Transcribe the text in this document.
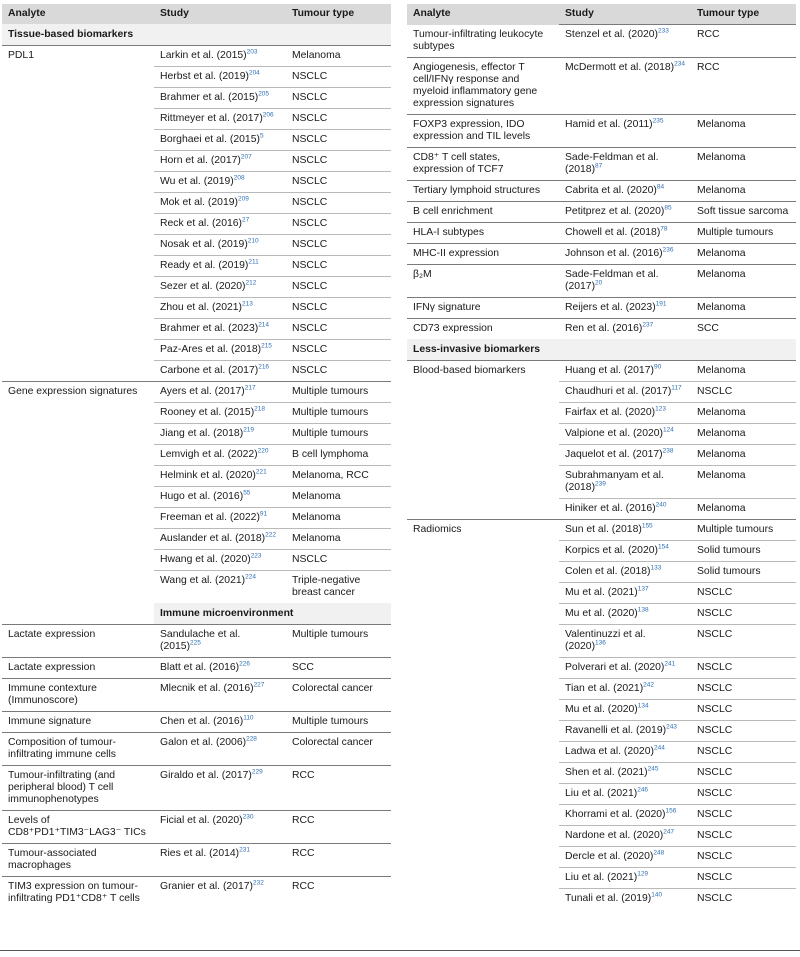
Analyte	Study	Tumour type
Tissue-based biomarkers		
PDL1	Larkin et al. (2015)$^{203}$	Melanoma
	Herbst et al. (2019)$^{204}$	NSCLC
	Brahmer et al. (2015)$^{205}$	NSCLC
	Rittmeyer et al. (2017)$^{206}$	NSCLC
	Borghaei et al. (2015)$^5$	NSCLC
	Horn et al. (2017)$^{207}$	NSCLC
	Wu et al. (2019)$^{208}$	NSCLC
	Mok et al. (2019)$^{209}$	NSCLC
	Reck et al. (2016)$^{27}$	NSCLC
	Nosak et al. (2019)$^{210}$	NSCLC
	Ready et al. (2019)$^{211}$	NSCLC
	Sezer et al. (2020)$^{212}$	NSCLC
	Zhou et al. (2021)$^{213}$	NSCLC
	Brahmer et al. (2023)$^{214}$	NSCLC
	Paz-Ares et al. (2018)$^{215}$	NSCLC
	Carbone et al. (2017)$^{216}$	NSCLC
Gene expression signatures	Ayers et al. (2017)$^{217}$	Multiple tumours
	Rooney et al. (2015)$^{218}$	Multiple tumours
	Jiang et al. (2018)$^{219}$	Multiple tumours
	Lemvigh et al. (2022)$^{220}$	B cell lymphoma
	Helmink et al. (2020)$^{221}$	Melanoma, RCC
	Hugo et al. (2016)$^{55}$	Melanoma
	Freeman et al. (2022)$^{91}$	Melanoma
	Auslander et al. (2018)$^{222}$	Melanoma
	Hwang et al. (2020)$^{223}$	NSCLC
	Wang et al. (2021)$^{224}$	Triple-negative breast cancer
	Immune microenvironment	
Lactate expression	Sandulache et al. (2015)$^{225}$	Multiple tumours
Lactate expression	Blatt et al. (2016)$^{226}$	SCC
Immune contexture (Immunoscore)	Mlecnik et al. (2016)$^{227}$	Colorectal cancer
Immune signature	Chen et al. (2016)$^{110}$	Multiple tumours
Composition of tumour-infiltrating immune cells	Galon et al. (2006)$^{228}$	Colorectal cancer
Tumour-infiltrating (and peripheral blood) T cell immunophenotypes	Giraldo et al. (2017)$^{229}$	RCC
Levels of CD8⁺PD1⁺TIM3⁻LAG3⁻ TICs	Ficial et al. (2020)$^{230}$	RCC
Tumour-associated macrophages	Ries et al. (2014)$^{231}$	RCC
TIM3 expression on tumour-infiltrating PD1⁺CD8⁺ T cells	Granier et al. (2017)$^{232}$	RCC
Analyte	Study	Tumour type
Tumour-infiltrating leukocyte subtypes	Stenzel et al. (2020)$^{233}$	RCC
Angiogenesis, effector T cell/IFNγ response and myeloid inflammatory gene expression signatures	McDermott et al. (2018)$^{234}$	RCC
FOXP3 expression, IDO expression and TIL levels	Hamid et al. (2011)$^{235}$	Melanoma
CD8⁺ T cell states, expression of TCF7	Sade-Feldman et al. (2018)$^{87}$	Melanoma
Tertiary lymphoid structures	Cabrita et al. (2020)$^{84}$	Melanoma
B cell enrichment	Petitprez et al. (2020)$^{85}$	Soft tissue sarcoma
HLA-I subtypes	Chowell et al. (2018)$^{78}$	Multiple tumours
MHC-II expression	Johnson et al. (2016)$^{236}$	Melanoma
β₂M	Sade-Feldman et al. (2017)$^{20}$	Melanoma
IFNγ signature	Reijers et al. (2023)$^{191}$	Melanoma
CD73 expression	Ren et al. (2016)$^{237}$	SCC
Less-invasive biomarkers		
Blood-based biomarkers	Huang et al. (2017)$^{90}$	Melanoma
	Chaudhuri et al. (2017)$^{117}$	NSCLC
	Fairfax et al. (2020)$^{123}$	Melanoma
	Valpione et al. (2020)$^{124}$	Melanoma
	Jaquelot et al. (2017)$^{238}$	Melanoma
	Subrahmanyam et al. (2018)$^{239}$	Melanoma
	Hiniker et al. (2016)$^{240}$	Melanoma
Radiomics	Sun et al. (2018)$^{155}$	Multiple tumours
	Korpics et al. (2020)$^{154}$	Solid tumours
	Colen et al. (2018)$^{133}$	Solid tumours
	Mu et al. (2021)$^{137}$	NSCLC
	Mu et al. (2020)$^{138}$	NSCLC
	Valentinuzzi et al. (2020)$^{136}$	NSCLC
	Polverari et al. (2020)$^{241}$	NSCLC
	Tian et al. (2021)$^{242}$	NSCLC
	Mu et al. (2020)$^{134}$	NSCLC
	Ravanelli et al. (2019)$^{243}$	NSCLC
	Ladwa et al. (2020)$^{244}$	NSCLC
	Shen et al. (2021)$^{245}$	NSCLC
	Liu et al. (2021)$^{246}$	NSCLC
	Khorrami et al. (2020)$^{156}$	NSCLC
	Nardone et al. (2020)$^{247}$	NSCLC
	Dercle et al. (2020)$^{248}$	NSCLC
	Liu et al. (2021)$^{129}$	NSCLC
	Tunali et al. (2019)$^{140}$	NSCLC
